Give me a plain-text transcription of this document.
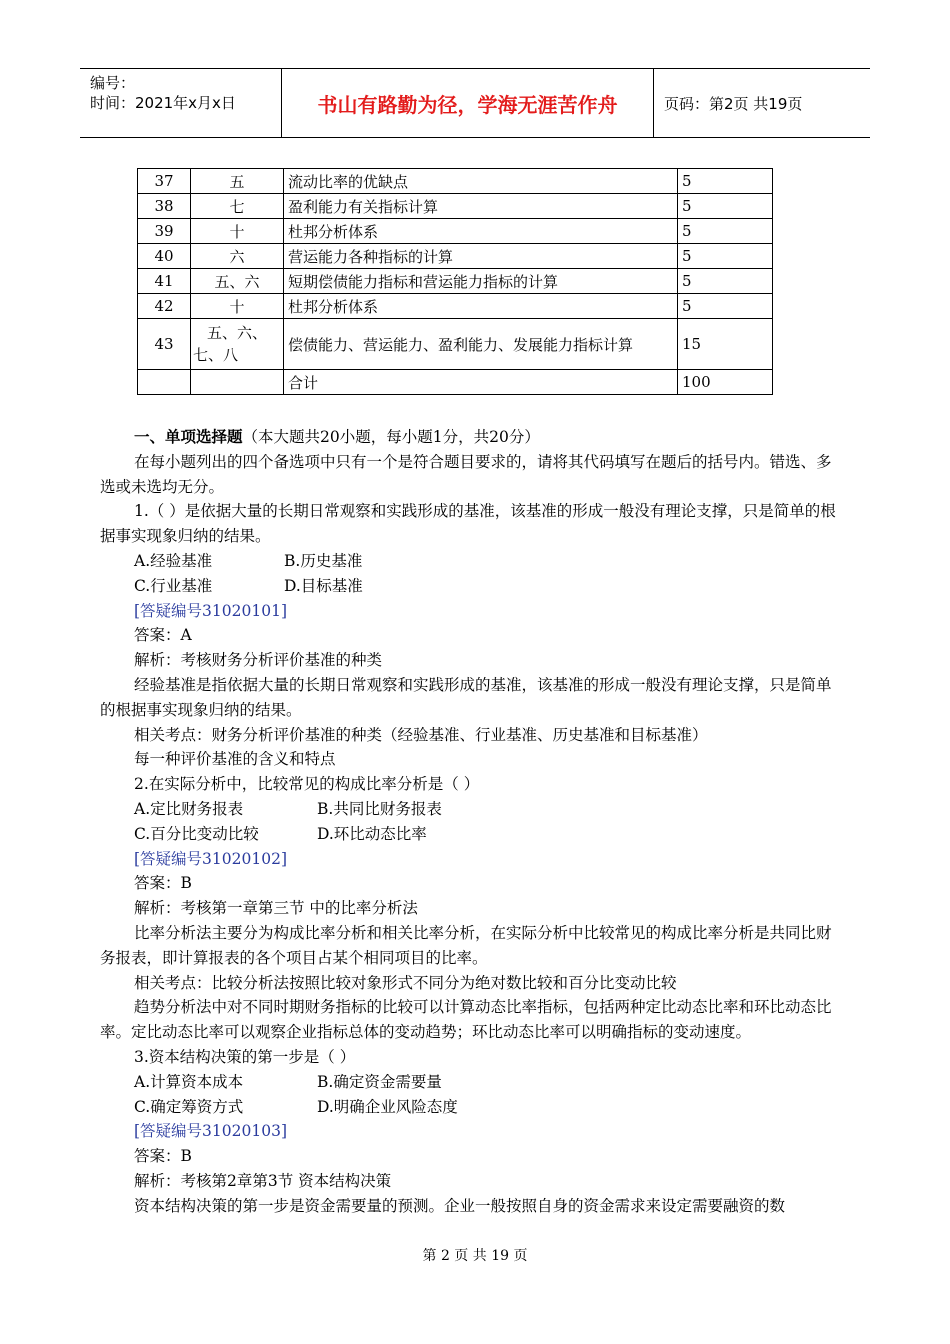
编号：
时间：2021年x月x日	书山有路勤为径，学海无涯苦作舟	页码：第2页 共19页
37	五	流动比率的优缺点	5
38	七	盈利能力有关指标计算	5
39	十	杜邦分析体系	5
40	六	营运能力各种指标的计算	5
41	五、六	短期偿债能力指标和营运能力指标的计算	5
42	十	杜邦分析体系	5
43	五、六、
七、八	偿债能力、营运能力、盈利能力、发展能力指标计算	15
		合计	100

一、单项选择题（本大题共20小题，每小题1分，共20分）

在每小题列出的四个备选项中只有一个是符合题目要求的，请将其代码填写在题后的括号内。错选、多选或未选均无分。

1.（ ）是依据大量的长期日常观察和实践形成的基准，该基准的形成一般没有理论支撑，只是简单的根据事实现象归纳的结果。

A.经验基准	B.历史基准
C.行业基准	D.目标基准

[答疑编号31020101]

答案：A

解析：考核财务分析评价基准的种类

经验基准是指依据大量的长期日常观察和实践形成的基准，该基准的形成一般没有理论支撑，只是简单的根据事实现象归纳的结果。

相关考点：财务分析评价基准的种类（经验基准、行业基准、历史基准和目标基准）

每一种评价基准的含义和特点

2.在实际分析中，比较常见的构成比率分析是（ ）

A.定比财务报表	B.共同比财务报表
C.百分比变动比较	D.环比动态比率

[答疑编号31020102]

答案：B

解析：考核第一章第三节 中的比率分析法

比率分析法主要分为构成比率分析和相关比率分析，在实际分析中比较常见的构成比率分析是共同比财务报表，即计算报表的各个项目占某个相同项目的比率。

相关考点：比较分析法按照比较对象形式不同分为绝对数比较和百分比变动比较

趋势分析法中对不同时期财务指标的比较可以计算动态比率指标，包括两种定比动态比率和环比动态比率。定比动态比率可以观察企业指标总体的变动趋势；环比动态比率可以明确指标的变动速度。

3.资本结构决策的第一步是（ ）

A.计算资本成本	B.确定资金需要量
C.确定筹资方式	D.明确企业风险态度

[答疑编号31020103]

答案：B

解析：考核第2章第3节 资本结构决策

资本结构决策的第一步是资金需要量的预测。企业一般按照自身的资金需求来设定需要融资的数

第 2 页 共 19 页
